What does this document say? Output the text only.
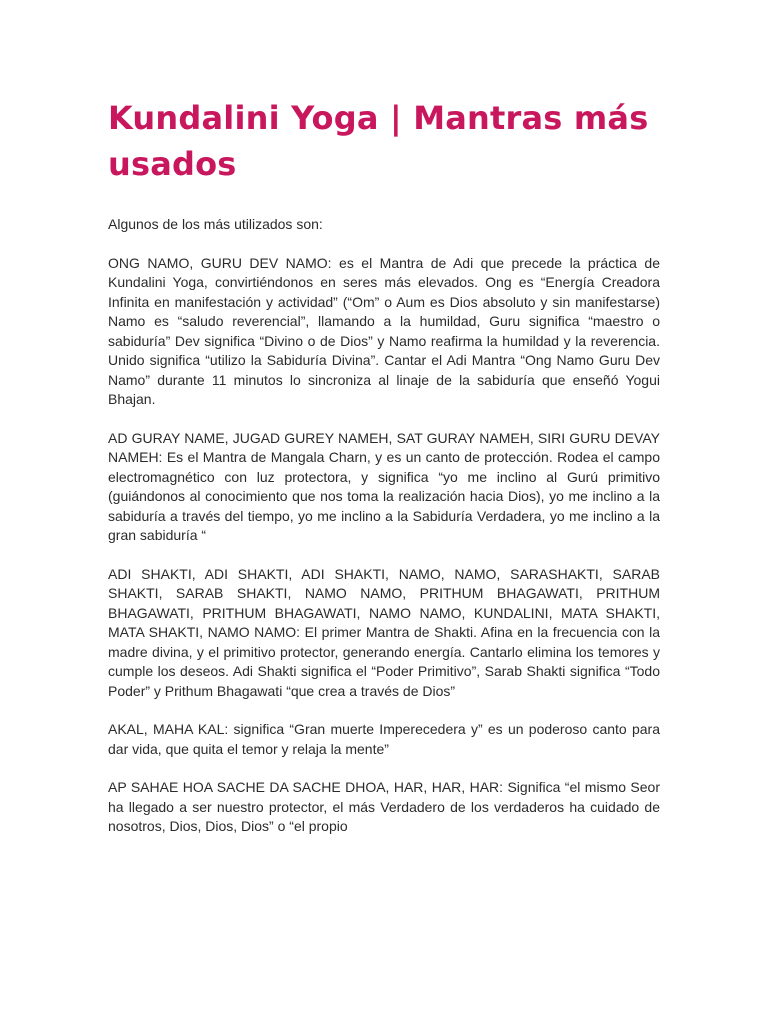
Kundalini Yoga | Mantras más usados

Algunos de los más utilizados son:

ONG NAMO, GURU DEV NAMO: es el Mantra de Adi que precede la práctica de Kundalini Yoga, convirtiéndonos en seres más elevados. Ong es “Energía Creadora Infinita en manifestación y actividad” (“Om” o Aum es Dios absoluto y sin manifestarse) Namo es “saludo reverencial”, llamando a la humildad, Guru significa “maestro o sabiduría” Dev significa “Divino o de Dios” y Namo reafirma la humildad y la reverencia. Unido significa “utilizo la Sabiduría Divina”. Cantar el Adi Mantra “Ong Namo Guru Dev Namo” durante 11 minutos lo sincroniza al linaje de la sabiduría que enseñó Yogui Bhajan.

AD GURAY NAME, JUGAD GUREY NAMEH, SAT GURAY NAMEH, SIRI GURU DEVAY NAMEH: Es el Mantra de Mangala Charn, y es un canto de protección. Rodea el campo electromagnético con luz protectora, y significa “yo me inclino al Gurú primitivo (guiándonos al conocimiento que nos toma la realización hacia Dios), yo me inclino a la sabiduría a través del tiempo, yo me inclino a la Sabiduría Verdadera, yo me inclino a la gran sabiduría “

ADI SHAKTI, ADI SHAKTI, ADI SHAKTI, NAMO, NAMO, SARASHAKTI, SARAB SHAKTI, SARAB SHAKTI, NAMO NAMO, PRITHUM BHAGAWATI, PRITHUM BHAGAWATI, PRITHUM BHAGAWATI, NAMO NAMO, KUNDALINI, MATA SHAKTI, MATA SHAKTI, NAMO NAMO: El primer Mantra de Shakti. Afina en la frecuencia con la madre divina, y el primitivo protector, generando energía. Cantarlo elimina los temores y cumple los deseos. Adi Shakti significa el “Poder Primitivo”, Sarab Shakti significa “Todo Poder” y Prithum Bhagawati “que crea a través de Dios”

AKAL, MAHA KAL: significa “Gran muerte Imperecedera y” es un poderoso canto para dar vida, que quita el temor y relaja la mente”

AP SAHAE HOA SACHE DA SACHE DHOA, HAR, HAR, HAR: Significa “el mismo Seor ha llegado a ser nuestro protector, el más Verdadero de los verdaderos ha cuidado de nosotros, Dios, Dios, Dios” o “el propio
